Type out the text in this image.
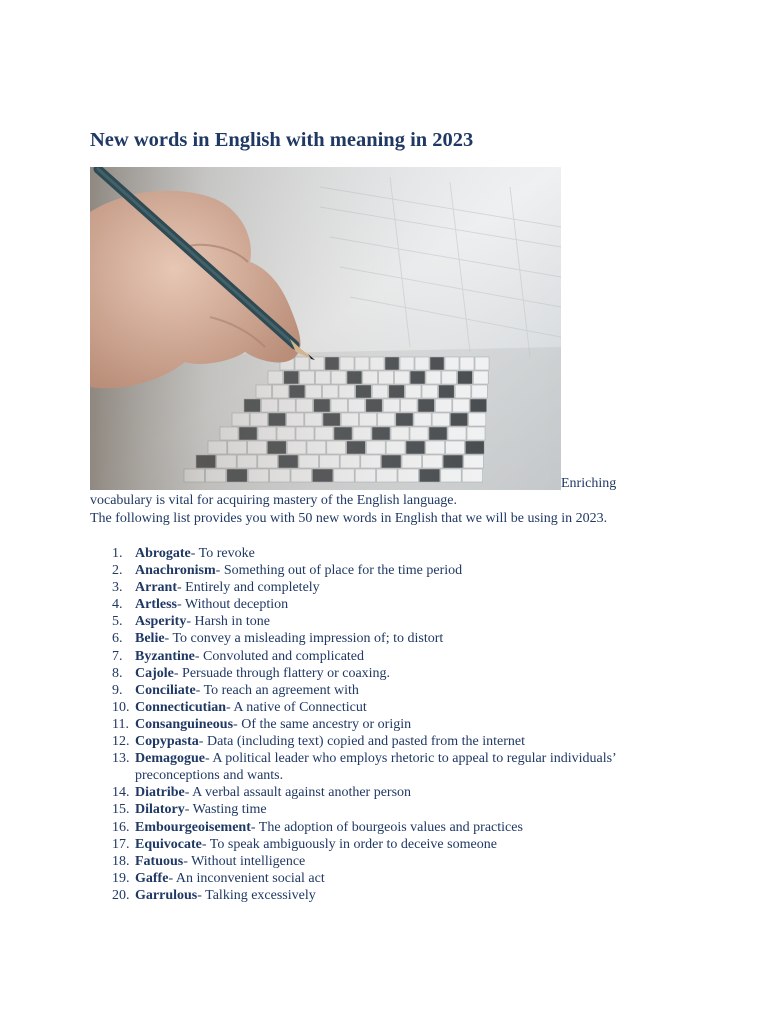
New words in English with meaning in 2023
Enriching
vocabulary is vital for acquiring mastery of the English language.
The following list provides you with 50 new words in English that we will be using in 2023.
1. Abrogate- To revoke
2. Anachronism- Something out of place for the time period
3. Arrant- Entirely and completely
4. Artless- Without deception
5. Asperity- Harsh in tone
6. Belie- To convey a misleading impression of; to distort
7. Byzantine- Convoluted and complicated
8. Cajole- Persuade through flattery or coaxing.
9. Conciliate- To reach an agreement with
10. Connecticutian- A native of Connecticut
11. Consanguineous- Of the same ancestry or origin
12. Copypasta- Data (including text) copied and pasted from the internet
13. Demagogue- A political leader who employs rhetoric to appeal to regular individuals’ preconceptions and wants.
14. Diatribe- A verbal assault against another person
15. Dilatory- Wasting time
16. Embourgeoisement- The adoption of bourgeois values and practices
17. Equivocate- To speak ambiguously in order to deceive someone
18. Fatuous- Without intelligence
19. Gaffe- An inconvenient social act
20. Garrulous- Talking excessively
